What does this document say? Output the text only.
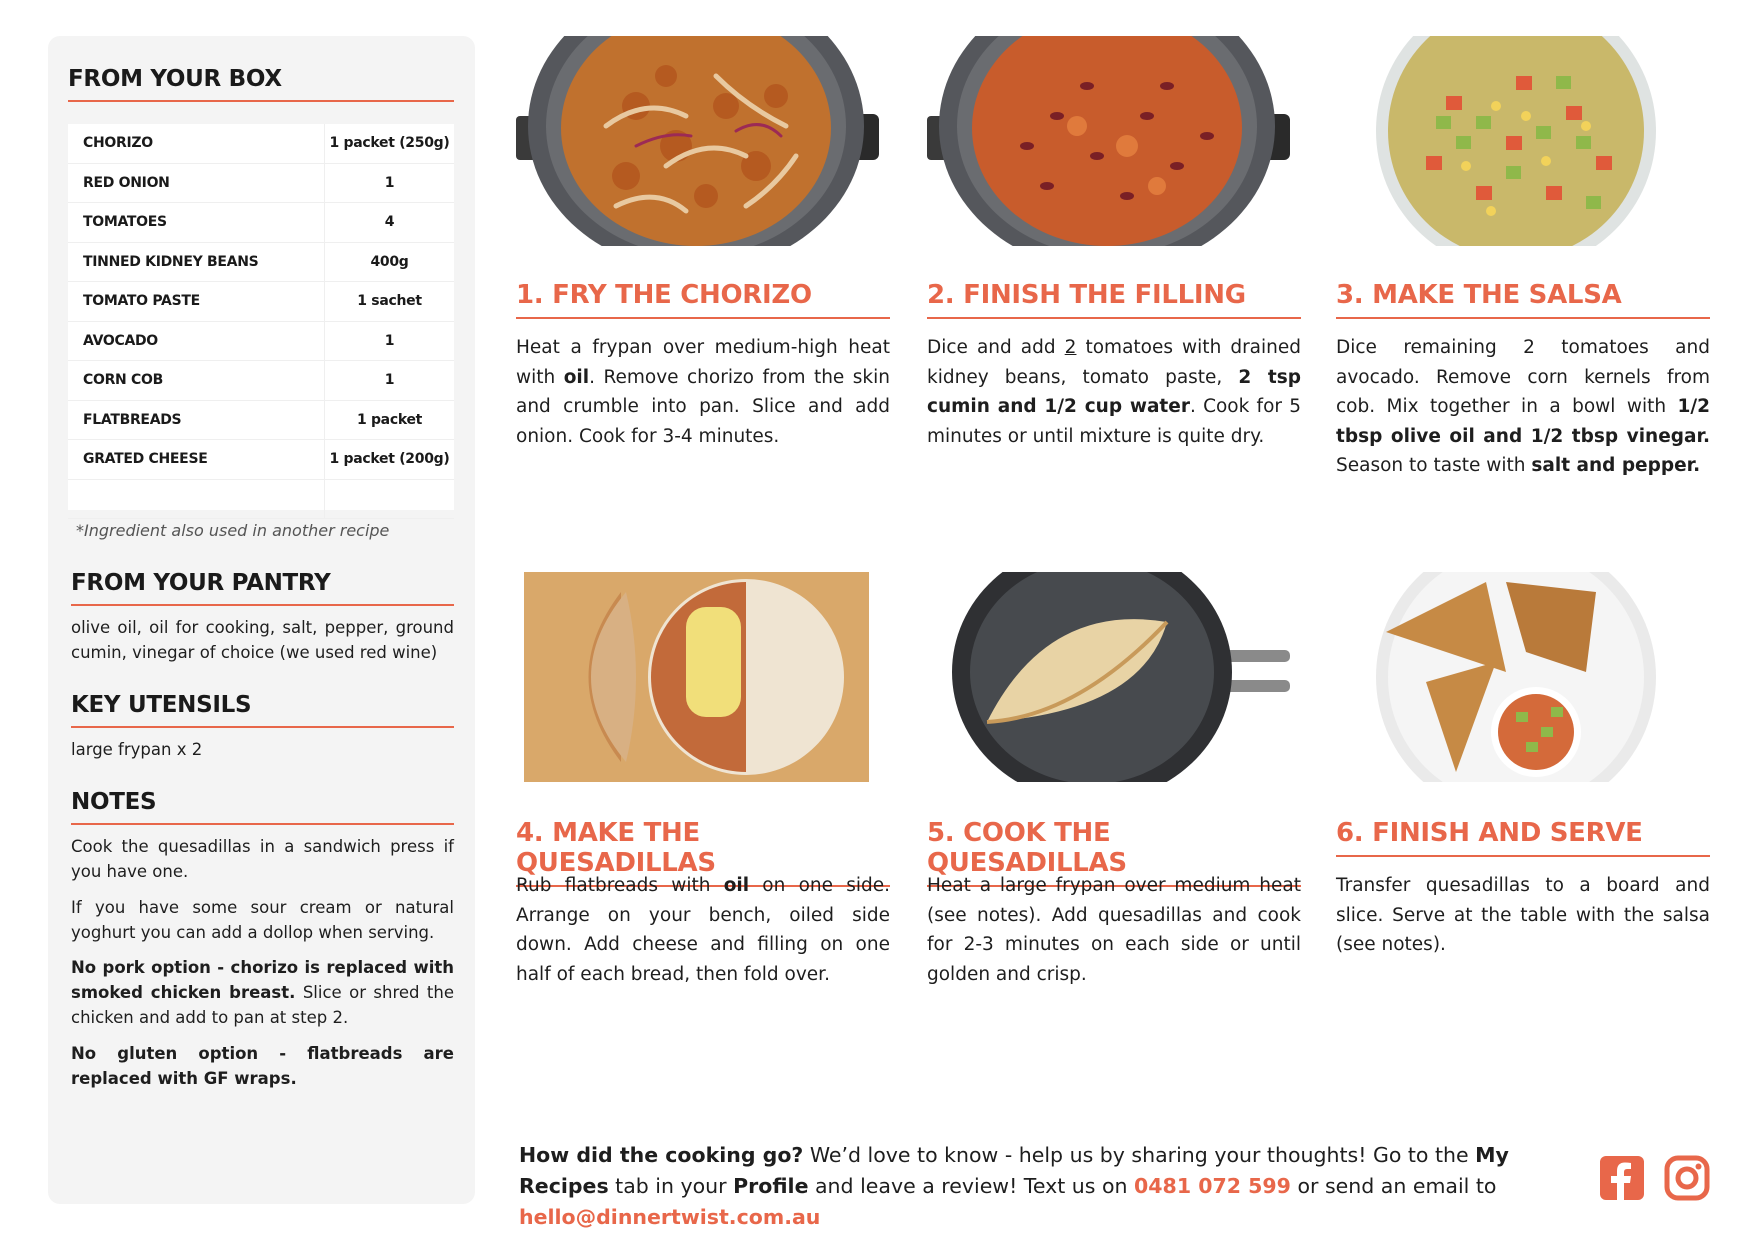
FROM YOUR BOX
CHORIZO	1 packet (250g)
RED ONION	1
TOMATOES	4
TINNED KIDNEY BEANS	400g
TOMATO PASTE	1 sachet
AVOCADO	1
CORN COB	1
FLATBREADS	1 packet
GRATED CHEESE	1 packet (200g)
*Ingredient also used in another recipe
FROM YOUR PANTRY

olive oil, oil for cooking, salt, pepper, ground cumin, vinegar of choice (we used red wine)

KEY UTENSILS

large frypan x 2

NOTES

Cook the quesadillas in a sandwich press if you have one.

If you have some sour cream or natural yoghurt you can add a dollop when serving.

No pork option - chorizo is replaced with smoked chicken breast. Slice or shred the chicken and add to pan at step 2.

No gluten option - flatbreads are replaced with GF wraps.

1. FRY THE CHORIZO

Heat a frypan over medium-high heat with oil. Remove chorizo from the skin and crumble into pan. Slice and add onion. Cook for 3-4 minutes.

2. FINISH THE FILLING

Dice and add 2 tomatoes with drained kidney beans, tomato paste, 2 tsp cumin and 1/2 cup water. Cook for 5 minutes or until mixture is quite dry.

3. MAKE THE SALSA

Dice remaining 2 tomatoes and avocado. Remove corn kernels from cob. Mix together in a bowl with 1/2 tbsp olive oil and 1/2 tbsp vinegar. Season to taste with salt and pepper.

4. MAKE THE QUESADILLAS

Rub flatbreads with oil on one side. Arrange on your bench, oiled side down. Add cheese and filling on one half of each bread, then fold over.

5. COOK THE QUESADILLAS

Heat a large frypan over medium heat (see notes). Add quesadillas and cook for 2-3 minutes on each side or until golden and crisp.

6. FINISH AND SERVE

Transfer quesadillas to a board and slice. Serve at the table with the salsa (see notes).

How did the cooking go? We’d love to know - help us by sharing your thoughts! Go to the My Recipes tab in your Profile and leave a review! Text us on 0481 072 599 or send an email to hello@dinnertwist.com.au
